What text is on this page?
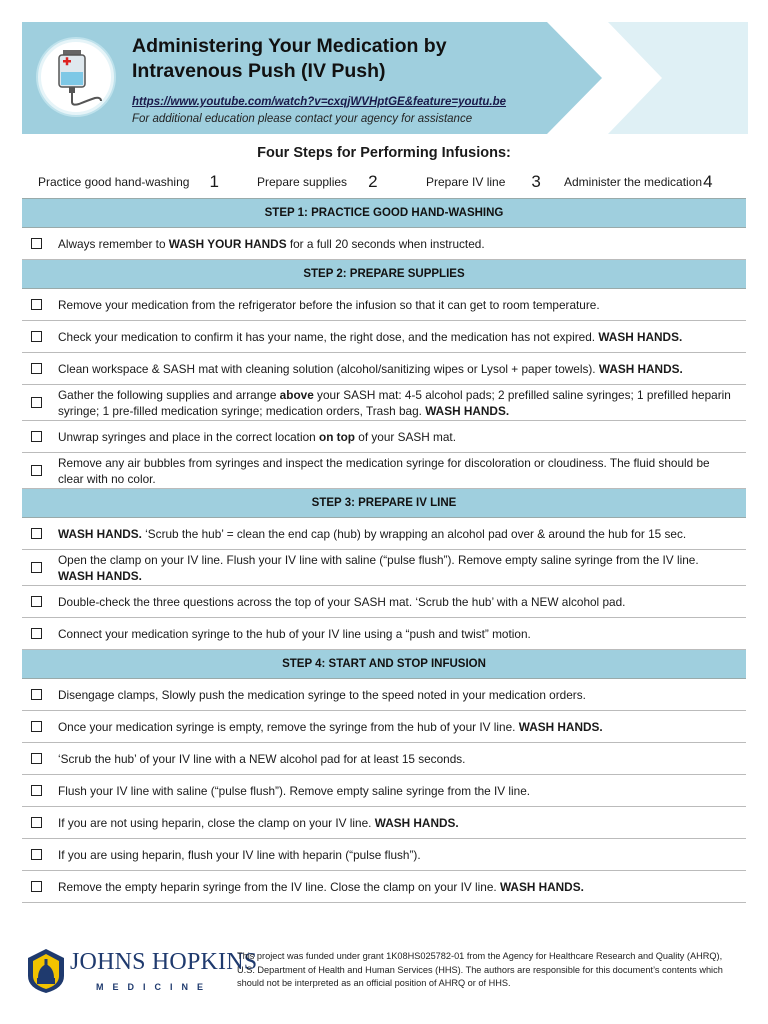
Administering Your Medication by
Intravenous Push (IV Push)
https://www.youtube.com/watch?v=cxqjWVHptGE&feature=youtu.be
For additional education please contact your agency for assistance
Four Steps for Performing Infusions:
Practice good hand-washing 1	Prepare supplies 2	Prepare IV line 3 Administer the medication 4
STEP 1: PRACTICE GOOD HAND-WASHING
Always remember to WASH YOUR HANDS for a full 20 seconds when instructed.
STEP 2: PREPARE SUPPLIES
Remove your medication from the refrigerator before the infusion so that it can get to room temperature.
Check your medication to confirm it has your name, the right dose, and the medication has not expired. WASH HANDS.
Clean workspace & SASH mat with cleaning solution (alcohol/sanitizing wipes or Lysol + paper towels). WASH HANDS.
Gather the following supplies and arrange above your SASH mat: 4-5 alcohol pads; 2 prefilled saline syringes; 1 prefilled heparin syringe; 1 pre-filled medication syringe; medication orders, Trash bag. WASH HANDS.
Unwrap syringes and place in the correct location on top of your SASH mat.
Remove any air bubbles from syringes and inspect the medication syringe for discoloration or cloudiness. The fluid should be clear with no color.
STEP 3: PREPARE IV LINE
WASH HANDS. ‘Scrub the hub’ = clean the end cap (hub) by wrapping an alcohol pad over & around the hub for 15 sec.
Open the clamp on your IV line. Flush your IV line with saline (“pulse flush”). Remove empty saline syringe from the IV line. WASH HANDS.
Double-check the three questions across the top of your SASH mat. ‘Scrub the hub’ with a NEW alcohol pad.
Connect your medication syringe to the hub of your IV line using a “push and twist” motion.
STEP 4: START AND STOP INFUSION
Disengage clamps, Slowly push the medication syringe to the speed noted in your medication orders.
Once your medication syringe is empty, remove the syringe from the hub of your IV line. WASH HANDS.
‘Scrub the hub’ of your IV line with a NEW alcohol pad for at least 15 seconds.
Flush your IV line with saline (“pulse flush”). Remove empty saline syringe from the IV line.
If you are not using heparin, close the clamp on your IV line. WASH HANDS.
If you are using heparin, flush your IV line with heparin (“pulse flush”).
Remove the empty heparin syringe from the IV line. Close the clamp on your IV line. WASH HANDS.
JOHNS HOPKINS
MEDICINE
This project was funded under grant 1K08HS025782-01 from the Agency for Healthcare Research and Quality (AHRQ), U.S. Department of Health and Human Services (HHS). The authors are responsible for this document’s contents which should not be interpreted as an official position of AHRQ or of HHS.
